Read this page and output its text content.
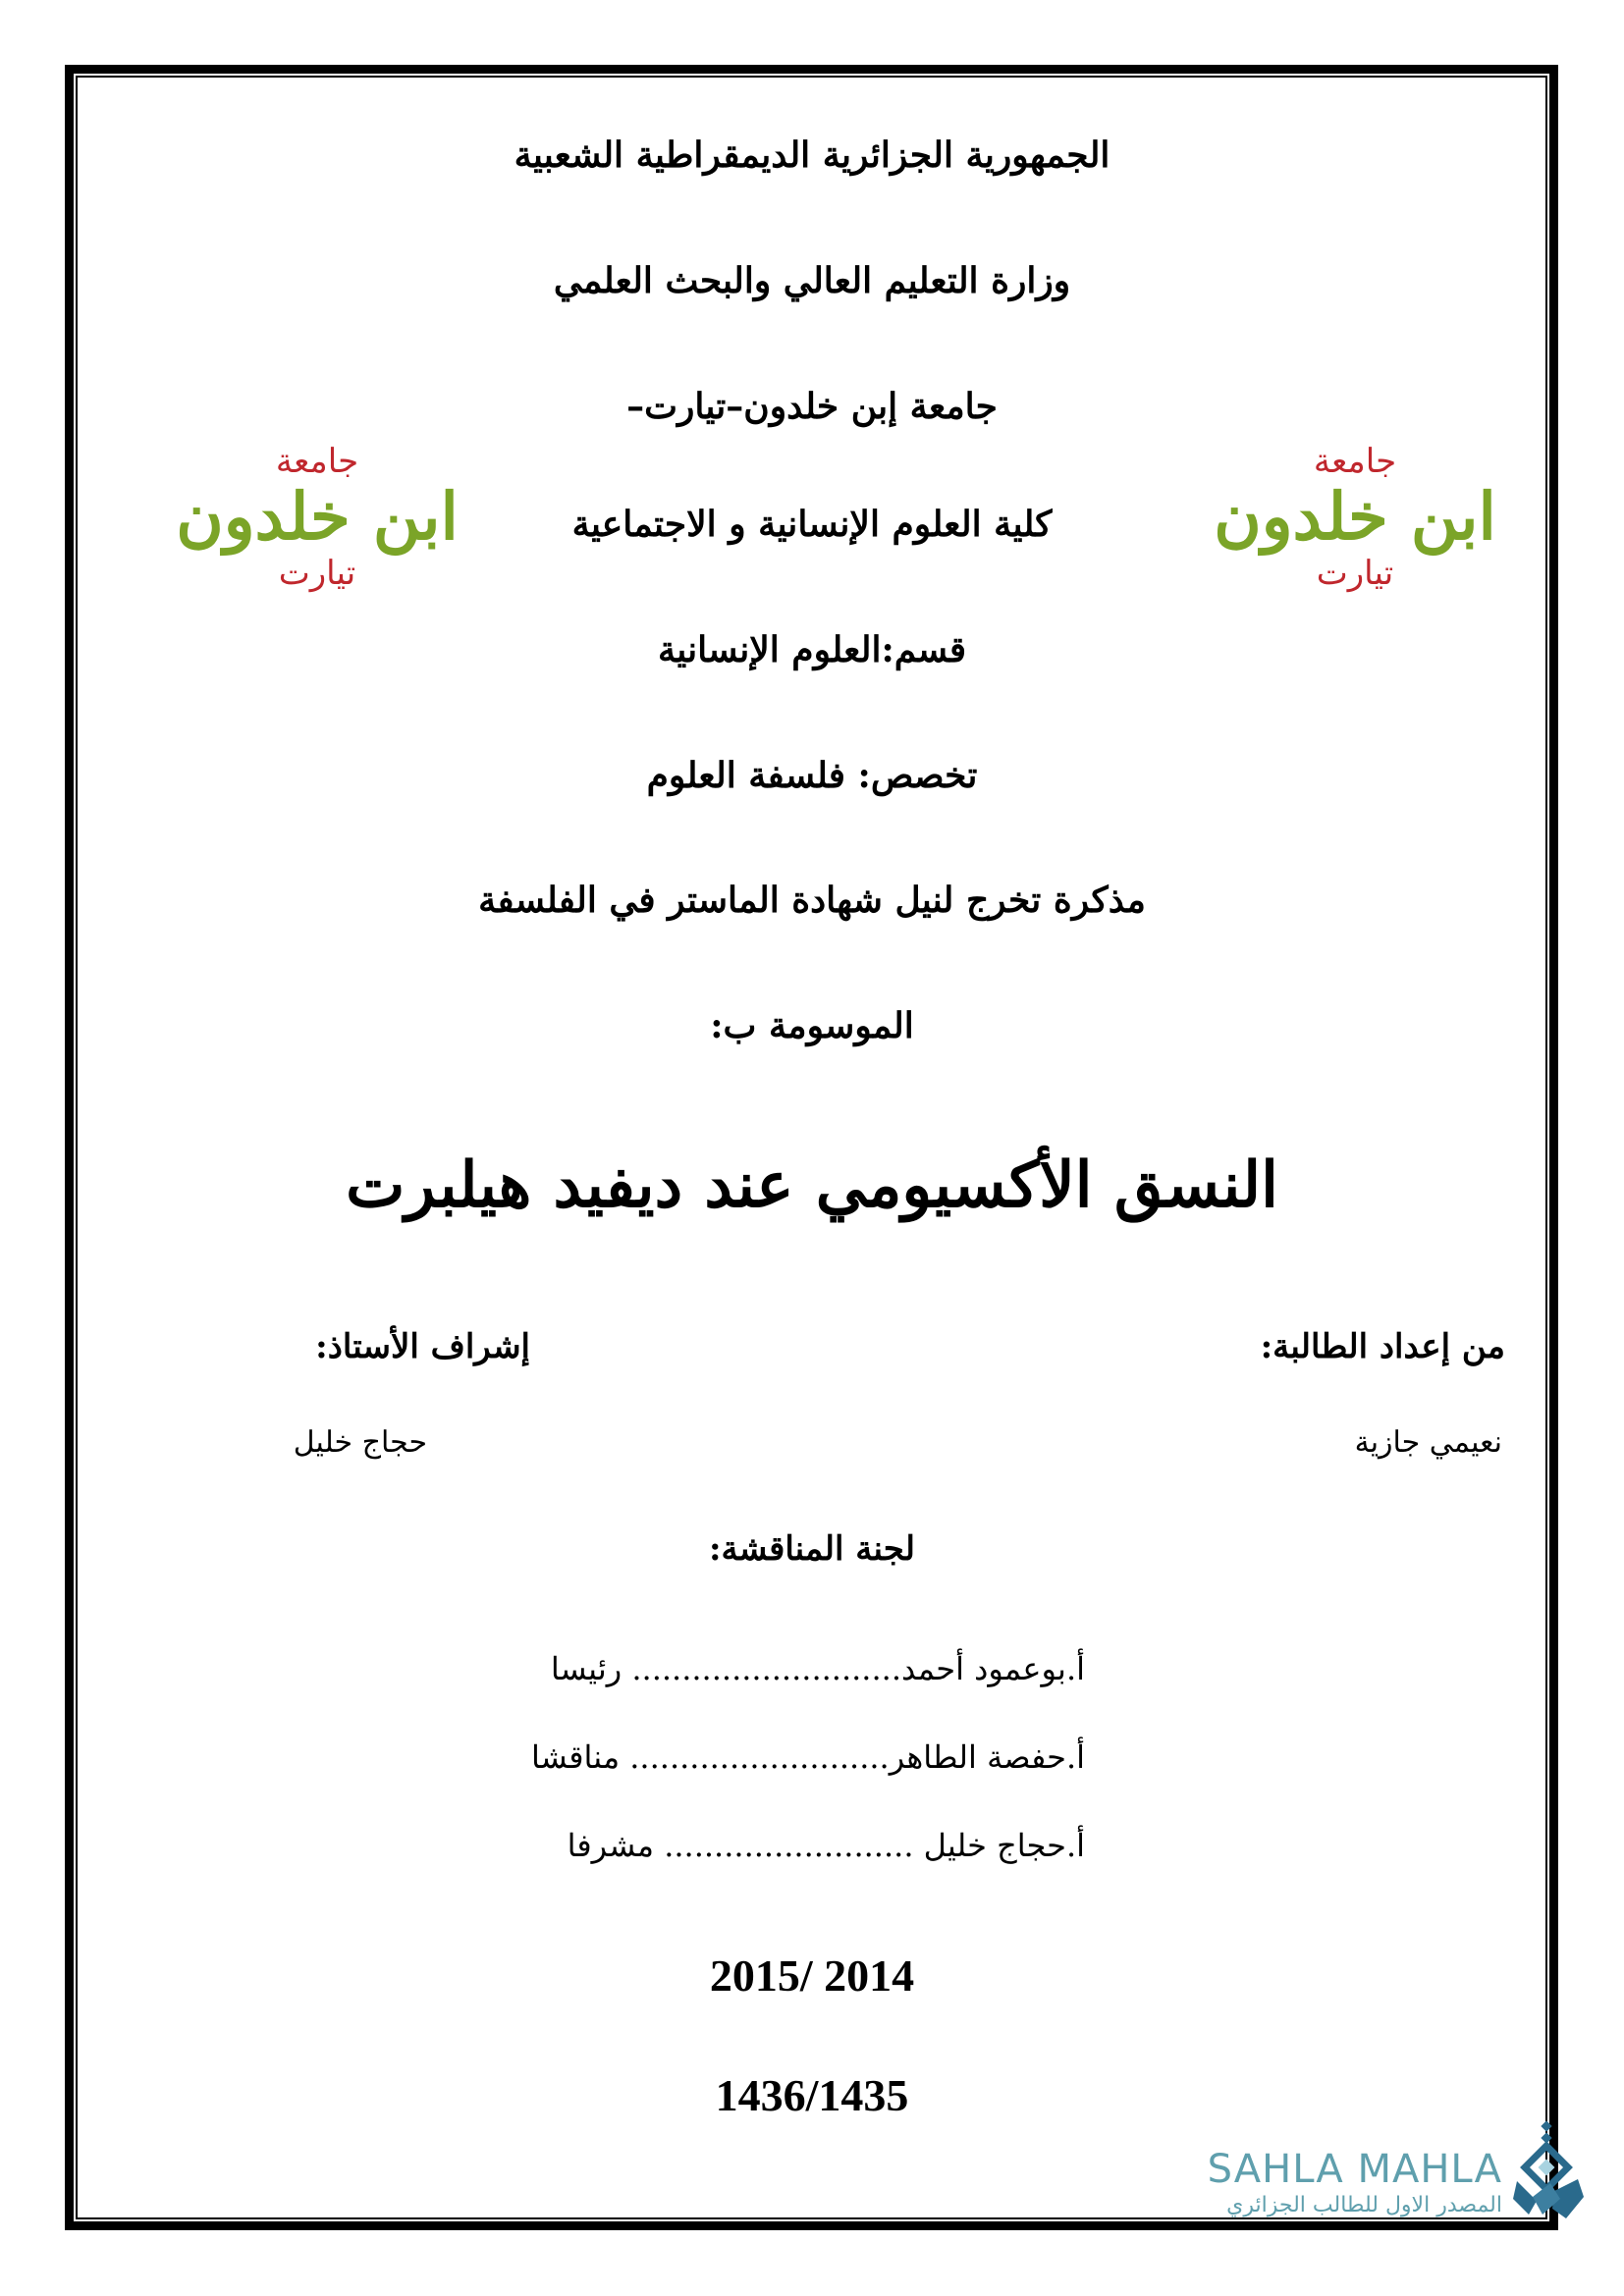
الجمهورية الجزائرية الديمقراطية الشعبية
وزارة التعليم العالي والبحث العلمي
جامعة إبن خلدون–تيارت–
كلية العلوم الإنسانية و الاجتماعية
قسم:العلوم الإنسانية
تخصص: فلسفة العلوم
مذكرة تخرج لنيل شهادة الماستر في الفلسفة
الموسومة ب:
جامعة
ابن خلدون
تيارت
جامعة
ابن خلدون
تيارت
النسق الأكسيومي عند ديفيد هيلبرت
من إعداد الطالبة:
نعيمي جازية
إشراف الأستاذ:
حجاج خليل
لجنة المناقشة:
أ.بوعمود أحمد........................... رئيسا
أ.حفصة الطاهر.......................... مناقشا
أ.حجاج خليل ......................... مشرفا
2015/ 2014
1436/1435
SAHLA MAHLA
المصدر الاول للطالب الجزائري
